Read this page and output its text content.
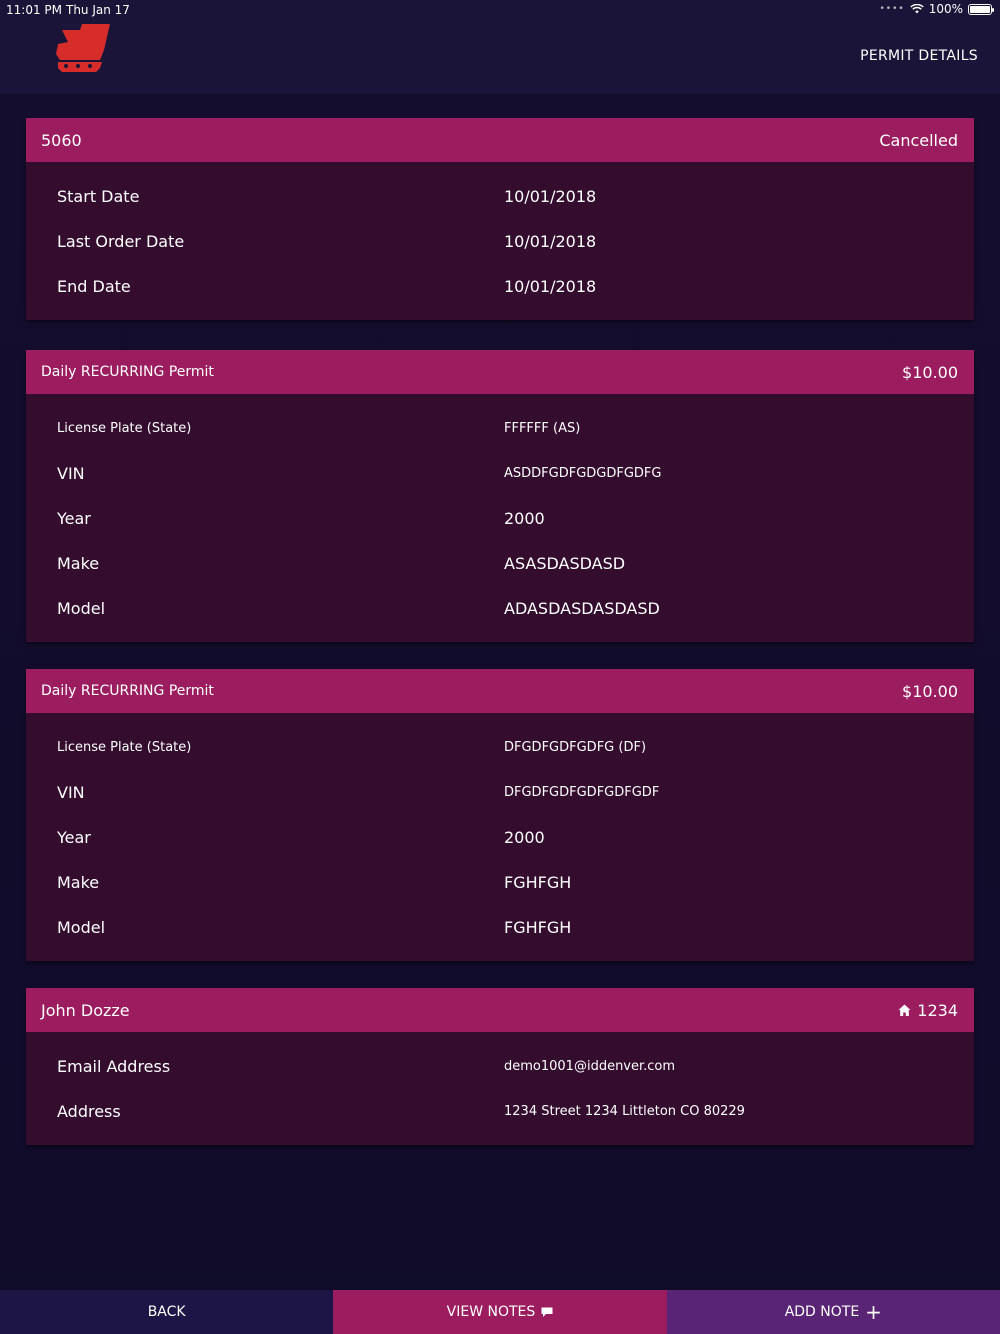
11:01 PM Thu Jan 17	•••• 100%
PERMIT DETAILS
5060	Cancelled
Start Date	10/01/2018
Last Order Date	10/01/2018
End Date	10/01/2018
Daily RECURRING Permit	$10.00
License Plate (State)	FFFFFF (AS)
VIN	ASDDFGDFGDGDFGDFG
Year	2000
Make	ASASDASDASD
Model	ADASDASDASDASD
Daily RECURRING Permit	$10.00
License Plate (State)	DFGDFGDFGDFG (DF)
VIN	DFGDFGDFGDFGDFGDF
Year	2000
Make	FGHFGH
Model	FGHFGH
John Dozze	1234
Email Address	demo1001@iddenver.com
Address	1234 Street 1234 Littleton CO 80229
BACK	VIEW NOTES	ADD NOTE +
